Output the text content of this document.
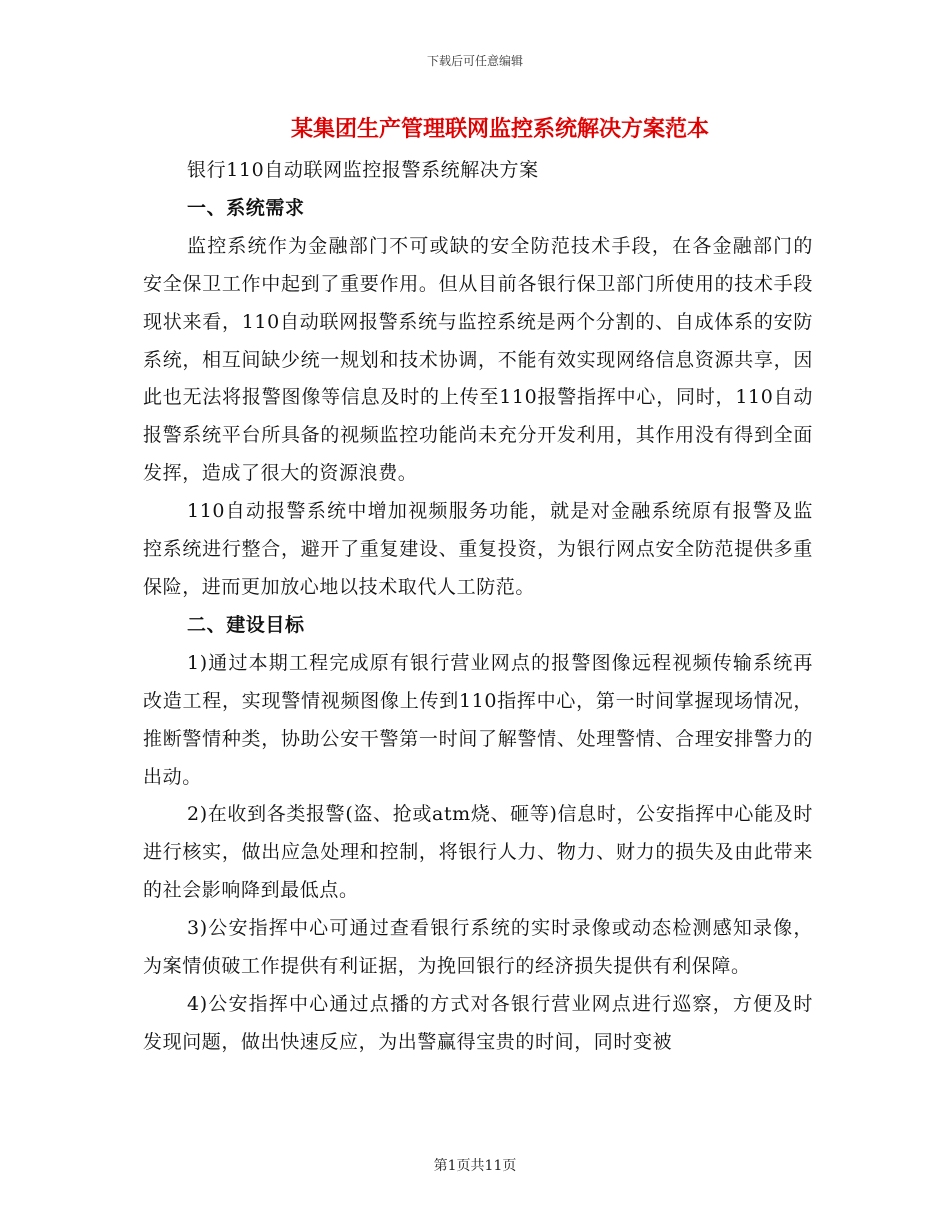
下载后可任意编辑
某集团生产管理联网监控系统解决方案范本

银行110自动联网监控报警系统解决方案

一、系统需求

监控系统作为金融部门不可或缺的安全防范技术手段，在各金融部门的安全保卫工作中起到了重要作用。但从目前各银行保卫部门所使用的技术手段现状来看，110自动联网报警系统与监控系统是两个分割的、自成体系的安防系统，相互间缺少统一规划和技术协调，不能有效实现网络信息资源共享，因此也无法将报警图像等信息及时的上传至110报警指挥中心，同时，110自动报警系统平台所具备的视频监控功能尚未充分开发利用，其作用没有得到全面发挥，造成了很大的资源浪费。

110自动报警系统中增加视频服务功能，就是对金融系统原有报警及监控系统进行整合，避开了重复建设、重复投资，为银行网点安全防范提供多重保险，进而更加放心地以技术取代人工防范。

二、建设目标

1)通过本期工程完成原有银行营业网点的报警图像远程视频传输系统再改造工程，实现警情视频图像上传到110指挥中心，第一时间掌握现场情况，推断警情种类，协助公安干警第一时间了解警情、处理警情、合理安排警力的出动。

2)在收到各类报警(盗、抢或atm烧、砸等)信息时，公安指挥中心能及时进行核实，做出应急处理和控制，将银行人力、物力、财力的损失及由此带来的社会影响降到最低点。

3)公安指挥中心可通过查看银行系统的实时录像或动态检测感知录像，为案情侦破工作提供有利证据，为挽回银行的经济损失提供有利保障。

4)公安指挥中心通过点播的方式对各银行营业网点进行巡察，方便及时发现问题，做出快速反应，为出警赢得宝贵的时间，同时变被

第1页共11页
